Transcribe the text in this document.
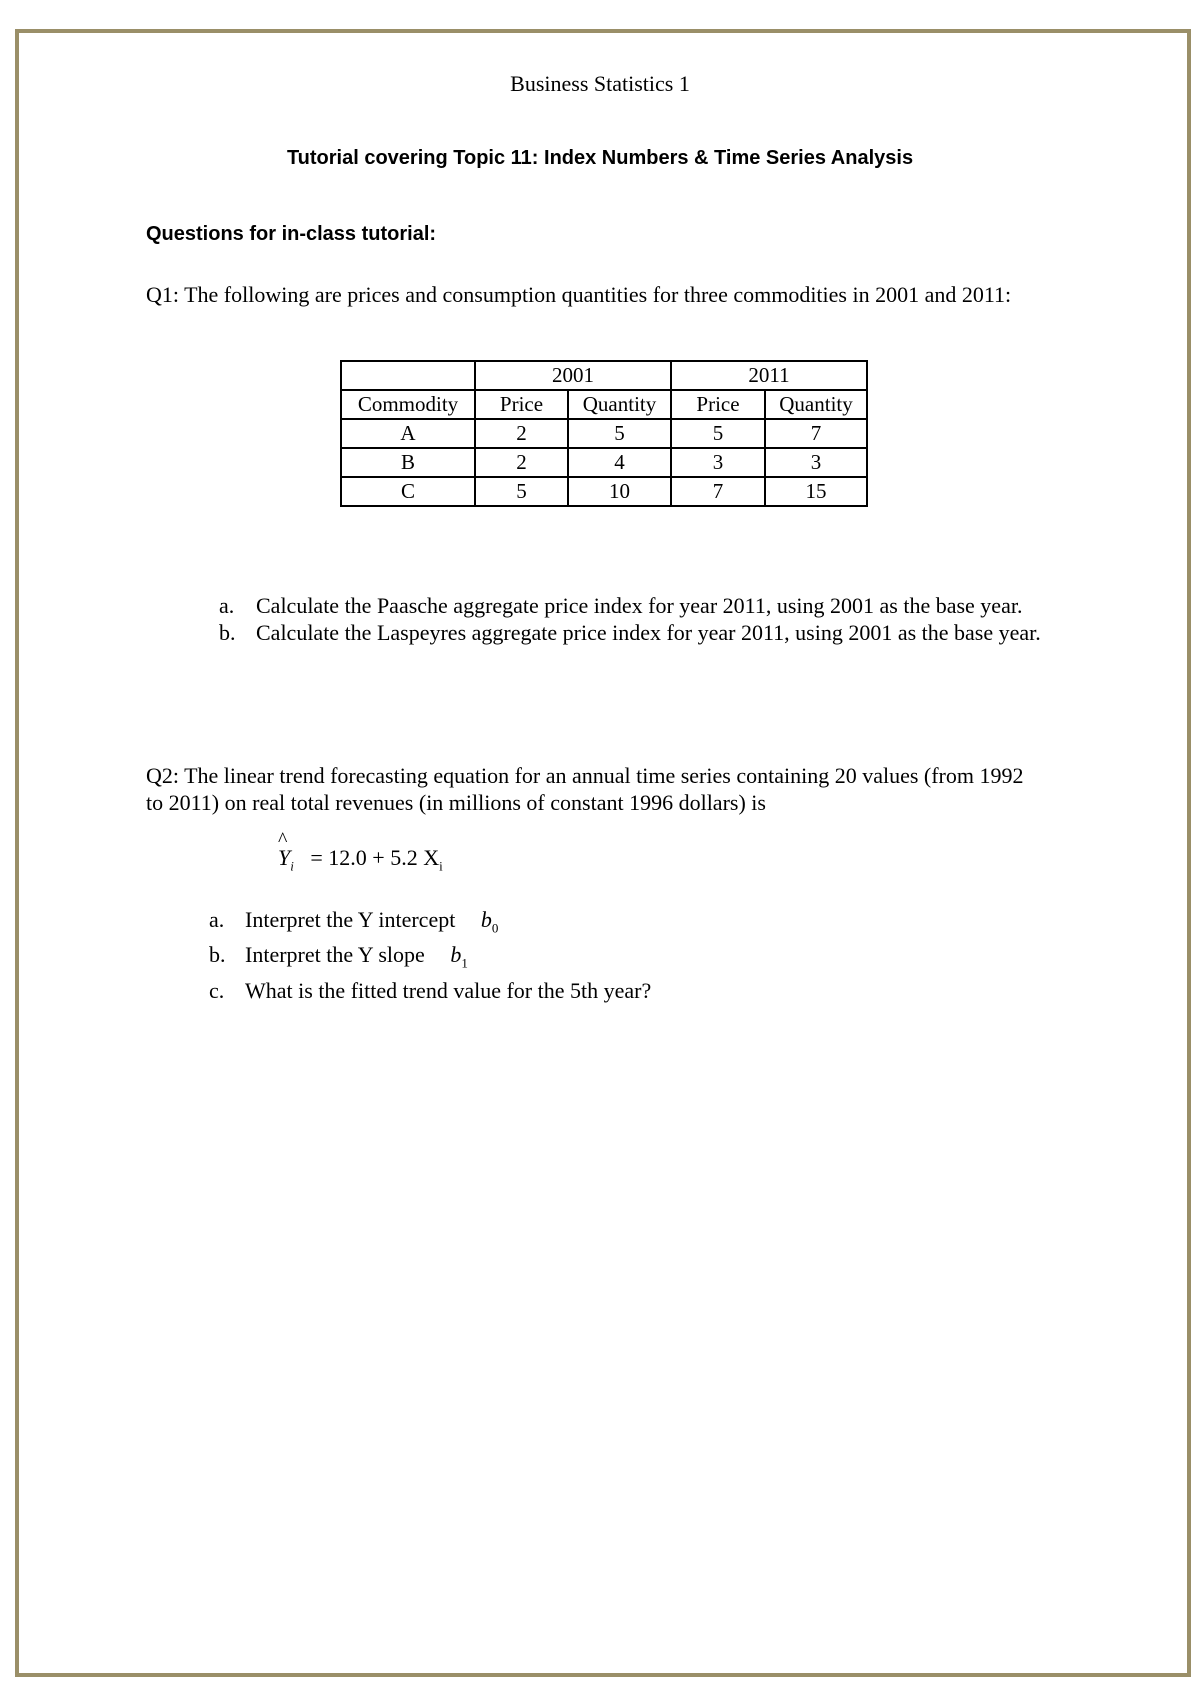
Business Statistics 1
Tutorial covering Topic 11: Index Numbers & Time Series Analysis
Questions for in-class tutorial:
Q1: The following are prices and consumption quantities for three commodities in 2001 and 2011:
	2001		2011	
Commodity	Price	Quantity	Price	Quantity
A	2	5	5	7
B	2	4	3	3
C	5	10	7	15
a. Calculate the Paasche aggregate price index for year 2011, using 2001 as the base year.
b. Calculate the Laspeyres aggregate price index for year 2011, using 2001 as the base year.
Q2: The linear trend forecasting equation for an annual time series containing 20 values (from 1992 to 2011) on real total revenues (in millions of constant 1996 dollars) is
^
$Y_i = 12.0 + 5.2$ $X_i$
a. Interpret the Y intercept $b_0$
b. Interpret the Y slope $b_1$
c. What is the fitted trend value for the 5th year?
